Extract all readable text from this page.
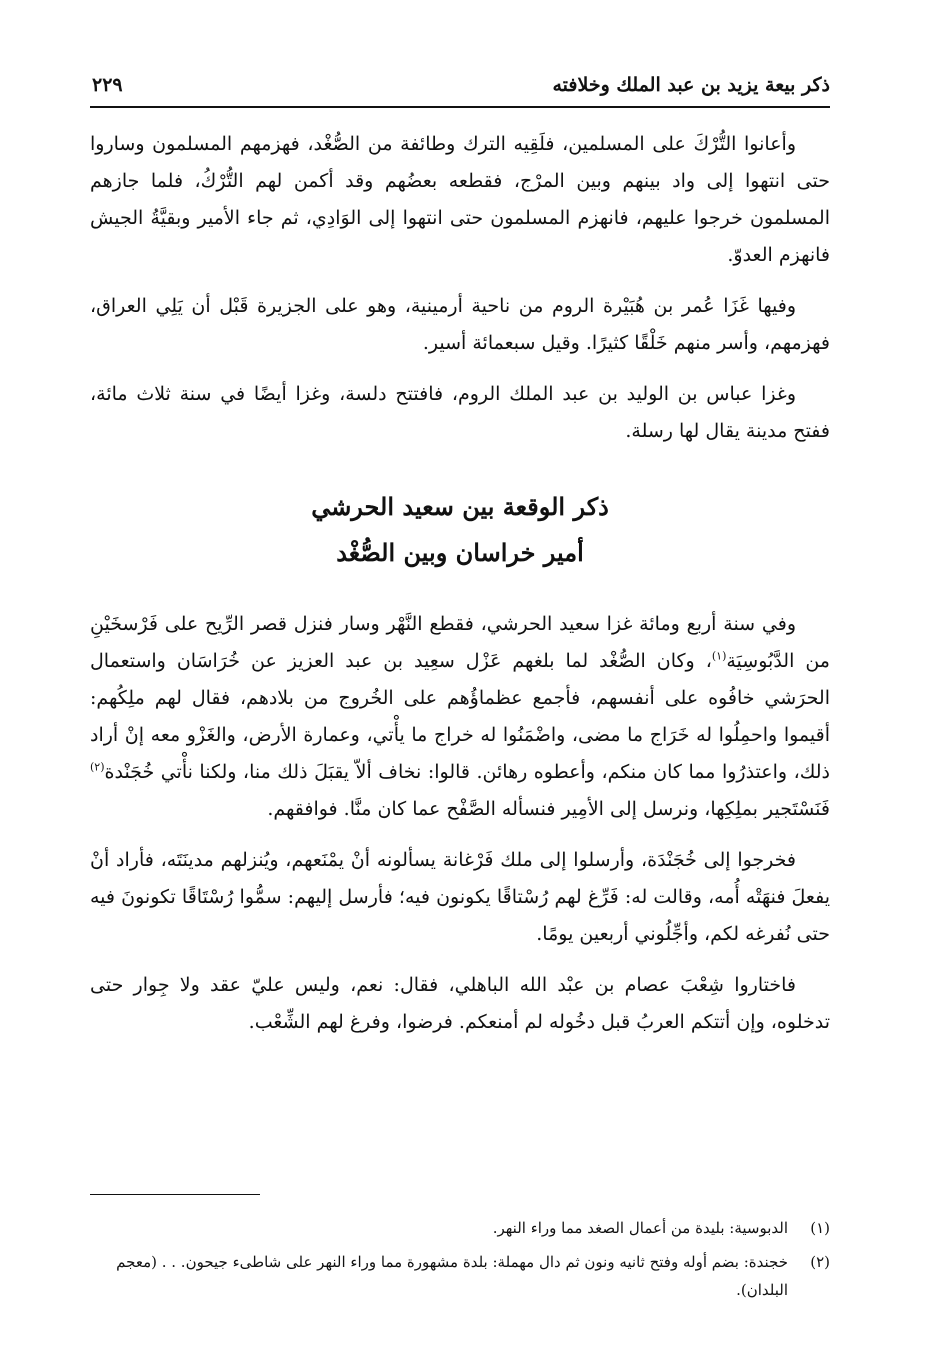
ذكر بيعة يزيد بن عبد الملك وخلافته
٢٢٩

وأعانوا التُّرْكَ على المسلمين، فلَقِيه الترك وطائفة من الصُّغْد، فهزمهم المسلمون وساروا حتى انتهوا إلى واد بينهم وبين المرْج، فقطعه بعضُهم وقد أكمن لهم التُّرْكُ، فلما جازهم المسلمون خرجوا عليهم، فانهزم المسلمون حتى انتهوا إلى الوَادِي، ثم جاء الأمير وبقيَّةُ الجيش فانهزم العدوّ.

وفيها غَزَا عُمر بن هُبَيْرة الروم من ناحية أرمينية، وهو على الجزيرة قَبْل أن يَلِي العراق، فهزمهم، وأسر منهم خَلْقًا كثيرًا. وقيل سبعمائة أسير.

وغزا عباس بن الوليد بن عبد الملك الروم، فافتتح دلسة، وغزا أيضًا في سنة ثلاث مائة، ففتح مدينة يقال لها رسلة.

ذكر الوقعة بين سعيد الحرشي
أمير خراسان وبين الصُّغْد

وفي سنة أربع ومائة غزا سعيد الحرشي، فقطع النَّهْر وسار فنزل قصر الرِّيح على فَرْسخَيْنِ من الدَّبُوسِيَة$^{(١)}$، وكان الصُّغْد لما بلغهم عَزْل سعِيد بن عبد العزيز عن خُرَاسَان واستعمال الحرَشي خافُوه على أنفسهم، فأجمع عظماؤُهم على الخُروج من بلادهم، فقال لهم ملِكُهم: أقيموا واحمِلُوا له خَرَاج ما مضى، واضْمَنُوا له خراج ما يأْتي، وعمارة الأرض، والغَزْو معه إنْ أراد ذلك، واعتذرُوا مما كان منكم، وأعطوه رهائن. قالوا: نخاف ألاّ يقبَلَ ذلك منا، ولكنا نأْتي خُجَنْدة$^{(٢)}$ فَنَسْتَجير بملِكِها، ونرسل إلى الأمِير فنسأله الصَّفْح عما كان منَّا. فوافقهم.

فخرجوا إلى خُجَنْدَة، وأرسلوا إلى ملك فَرْغانة يسألونه أنْ يمْنَعهم، ويُنزلهم مدينَتَه، فأراد أنْ يفعلَ فنهَتْه أُمه، وقالت له: فَرِّغ لهم رُسْتاقًا يكونون فيه؛ فأرسل إليهم: سمُّوا رُسْتَاقًا تكونونَ فيه حتى نُفرغه لكم، وأجِّلُوني أربعين يومًا.

فاختاروا شِعْبَ عصام بن عبْد الله الباهلي، فقال: نعم، وليس عليّ عقد ولا جِوار حتى تدخلوه، وإن أتتكم العربُ قبل دخُوله لم أمنعكم. فرضوا، وفرغ لهم الشِّعْب.

(١)
الدبوسية: بليدة من أعمال الصغد مما وراء النهر.
(٢)
خجندة: بضم أوله وفتح ثانيه ونون ثم دال مهملة: بلدة مشهورة مما وراء النهر على شاطىء جيحون. . . (معجم البلدان).
